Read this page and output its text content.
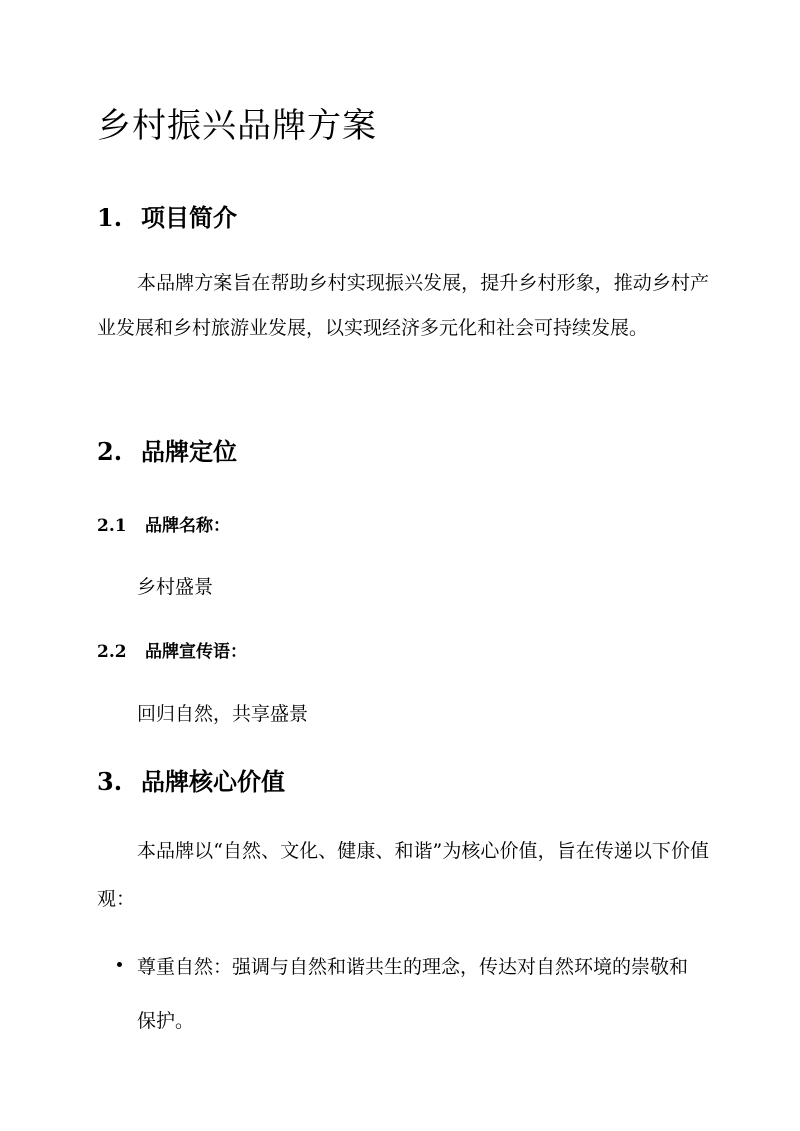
乡村振兴品牌方案
1. 项目简介
本品牌方案旨在帮助乡村实现振兴发展，提升乡村形象，推动乡村产业发展和乡村旅游业发展，以实现经济多元化和社会可持续发展。
2. 品牌定位
2.1 品牌名称：
乡村盛景
2.2 品牌宣传语：
回归自然，共享盛景
3. 品牌核心价值
本品牌以“自然、文化、健康、和谐”为核心价值，旨在传递以下价值观：
尊重自然：强调与自然和谐共生的理念，传达对自然环境的崇敬和保护。
